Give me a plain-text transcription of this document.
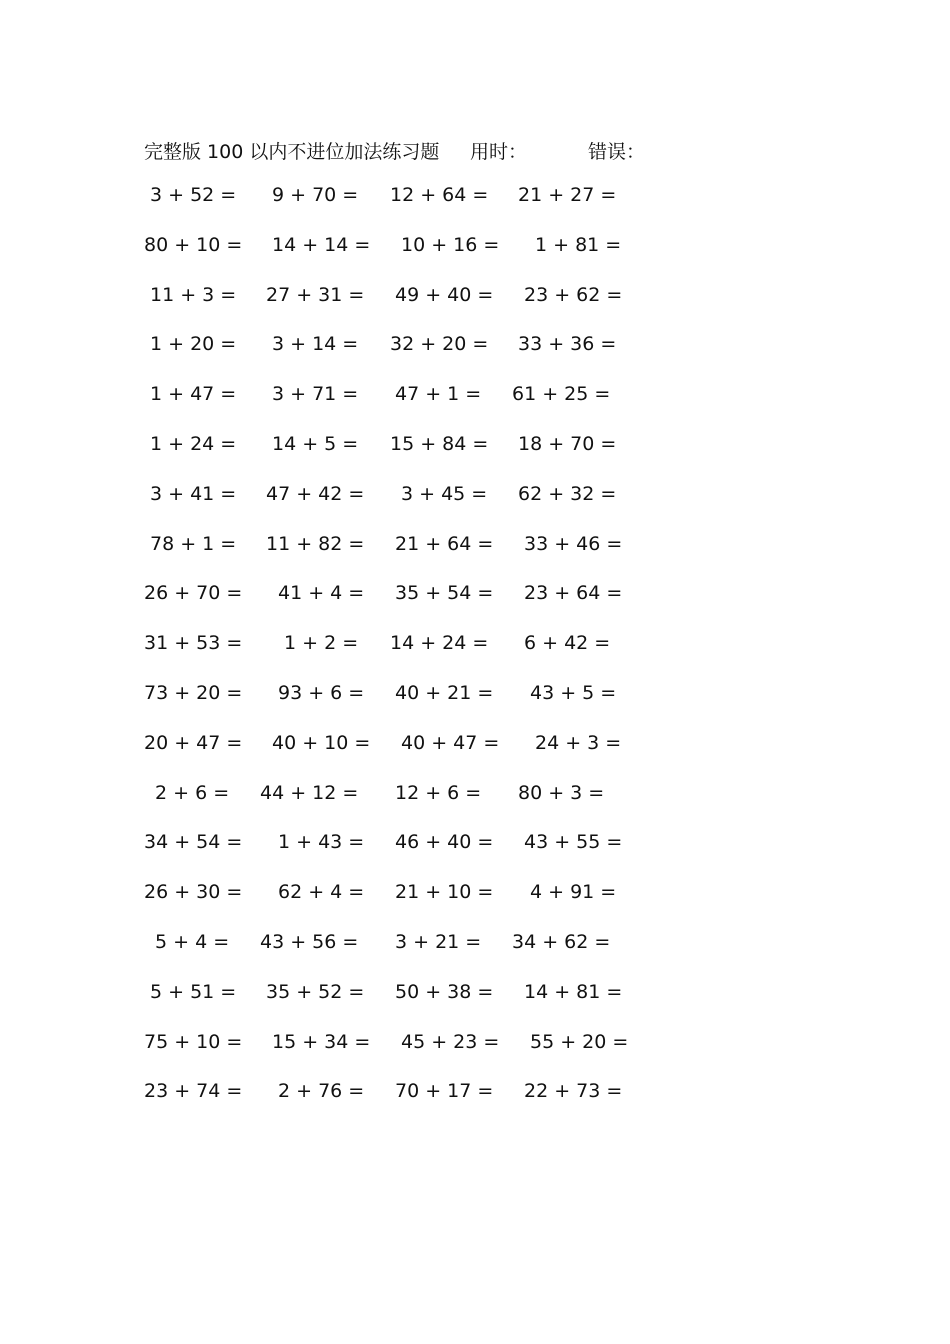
完整版 100 以内不进位加法练习题 用时：	错误：
3 + 52 = 9 + 70 = 12 + 64 = 21 + 27 =
80 + 10 = 14 + 14 = 10 + 16 = 1 + 81 =
11 + 3 = 27 + 31 = 49 + 40 = 23 + 62 =
1 + 20 = 3 + 14 = 32 + 20 = 33 + 36 =
1 + 47 = 3 + 71 = 47 + 1 = 61 + 25 =
1 + 24 = 14 + 5 = 15 + 84 = 18 + 70 =
3 + 41 = 47 + 42 = 3 + 45 = 62 + 32 =
78 + 1 = 11 + 82 = 21 + 64 = 33 + 46 =
26 + 70 = 41 + 4 = 35 + 54 = 23 + 64 =
31 + 53 = 1 + 2 = 14 + 24 = 6 + 42 =
73 + 20 = 93 + 6 = 40 + 21 = 43 + 5 =
20 + 47 = 40 + 10 = 40 + 47 = 24 + 3 =
2 + 6 = 44 + 12 = 12 + 6 = 80 + 3 =
34 + 54 = 1 + 43 = 46 + 40 = 43 + 55 =
26 + 30 = 62 + 4 = 21 + 10 = 4 + 91 =
5 + 4 = 43 + 56 = 3 + 21 = 34 + 62 =
5 + 51 = 35 + 52 = 50 + 38 = 14 + 81 =
75 + 10 = 15 + 34 = 45 + 23 = 55 + 20 =
23 + 74 = 2 + 76 = 70 + 17 = 22 + 73 =
